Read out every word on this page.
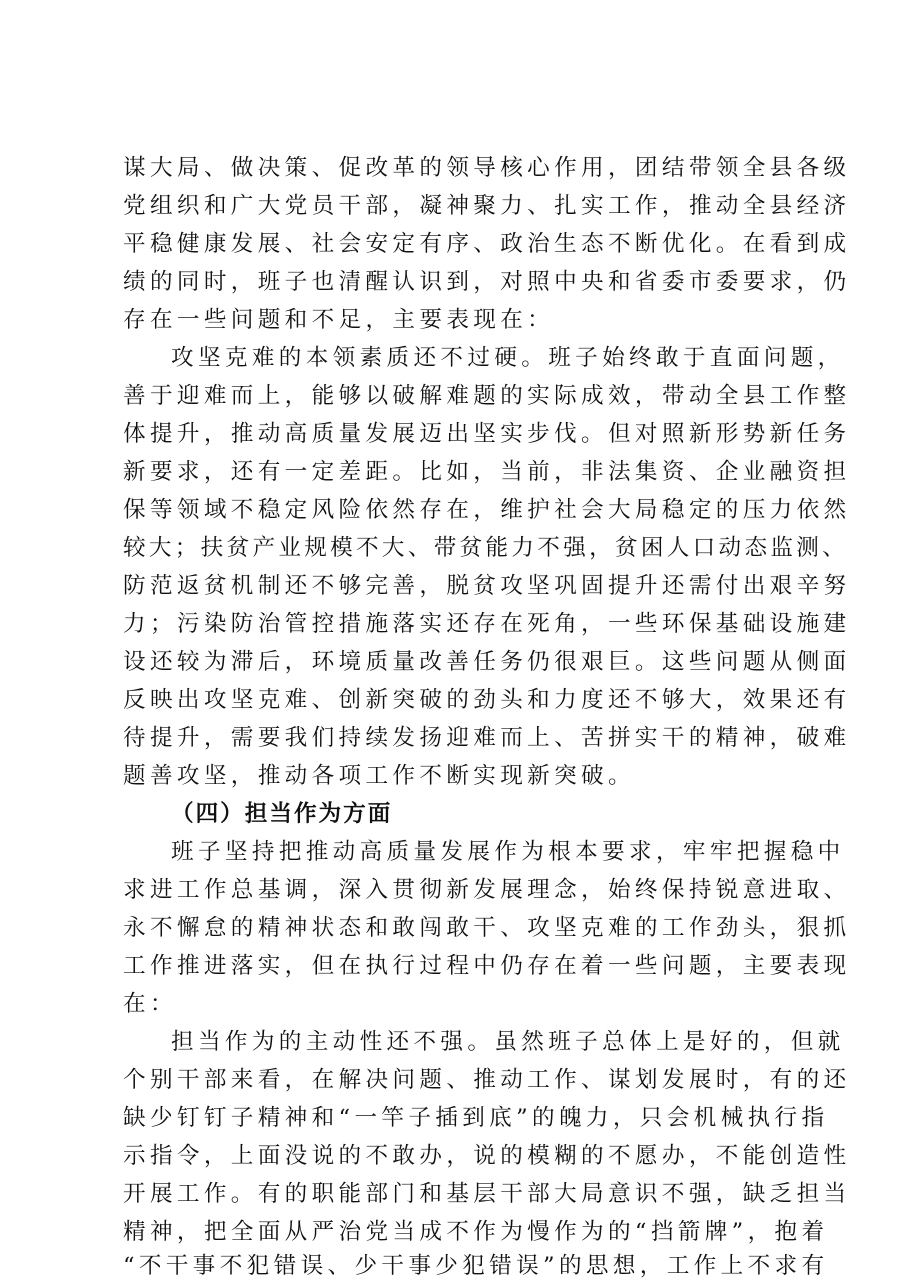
谋大局、做决策、促改革的领导核心作用，团结带领全县各级
党组织和广大党员干部，凝神聚力、扎实工作，推动全县经济
平稳健康发展、社会安定有序、政治生态不断优化。在看到成
绩的同时，班子也清醒认识到，对照中央和省委市委要求，仍
存在一些问题和不足，主要表现在：
攻坚克难的本领素质还不过硬。班子始终敢于直面问题，
善于迎难而上，能够以破解难题的实际成效，带动全县工作整
体提升，推动高质量发展迈出坚实步伐。但对照新形势新任务
新要求，还有一定差距。比如，当前，非法集资、企业融资担
保等领域不稳定风险依然存在，维护社会大局稳定的压力依然
较大；扶贫产业规模不大、带贫能力不强，贫困人口动态监测、
防范返贫机制还不够完善，脱贫攻坚巩固提升还需付出艰辛努
力；污染防治管控措施落实还存在死角，一些环保基础设施建
设还较为滞后，环境质量改善任务仍很艰巨。这些问题从侧面
反映出攻坚克难、创新突破的劲头和力度还不够大，效果还有
待提升，需要我们持续发扬迎难而上、苦拼实干的精神，破难
题善攻坚，推动各项工作不断实现新突破。
（四）担当作为方面
班子坚持把推动高质量发展作为根本要求，牢牢把握稳中
求进工作总基调，深入贯彻新发展理念，始终保持锐意进取、
永不懈怠的精神状态和敢闯敢干、攻坚克难的工作劲头，狠抓
工作推进落实，但在执行过程中仍存在着一些问题，主要表现
在：
担当作为的主动性还不强。虽然班子总体上是好的，但就
个别干部来看，在解决问题、推动工作、谋划发展时，有的还
缺少钉钉子精神和“一竿子插到底”的魄力，只会机械执行指
示指令，上面没说的不敢办，说的模糊的不愿办，不能创造性
开展工作。有的职能部门和基层干部大局意识不强，缺乏担当
精神，把全面从严治党当成不作为慢作为的“挡箭牌”，抱着
“不干事不犯错误、少干事少犯错误”的思想，工作上不求有
